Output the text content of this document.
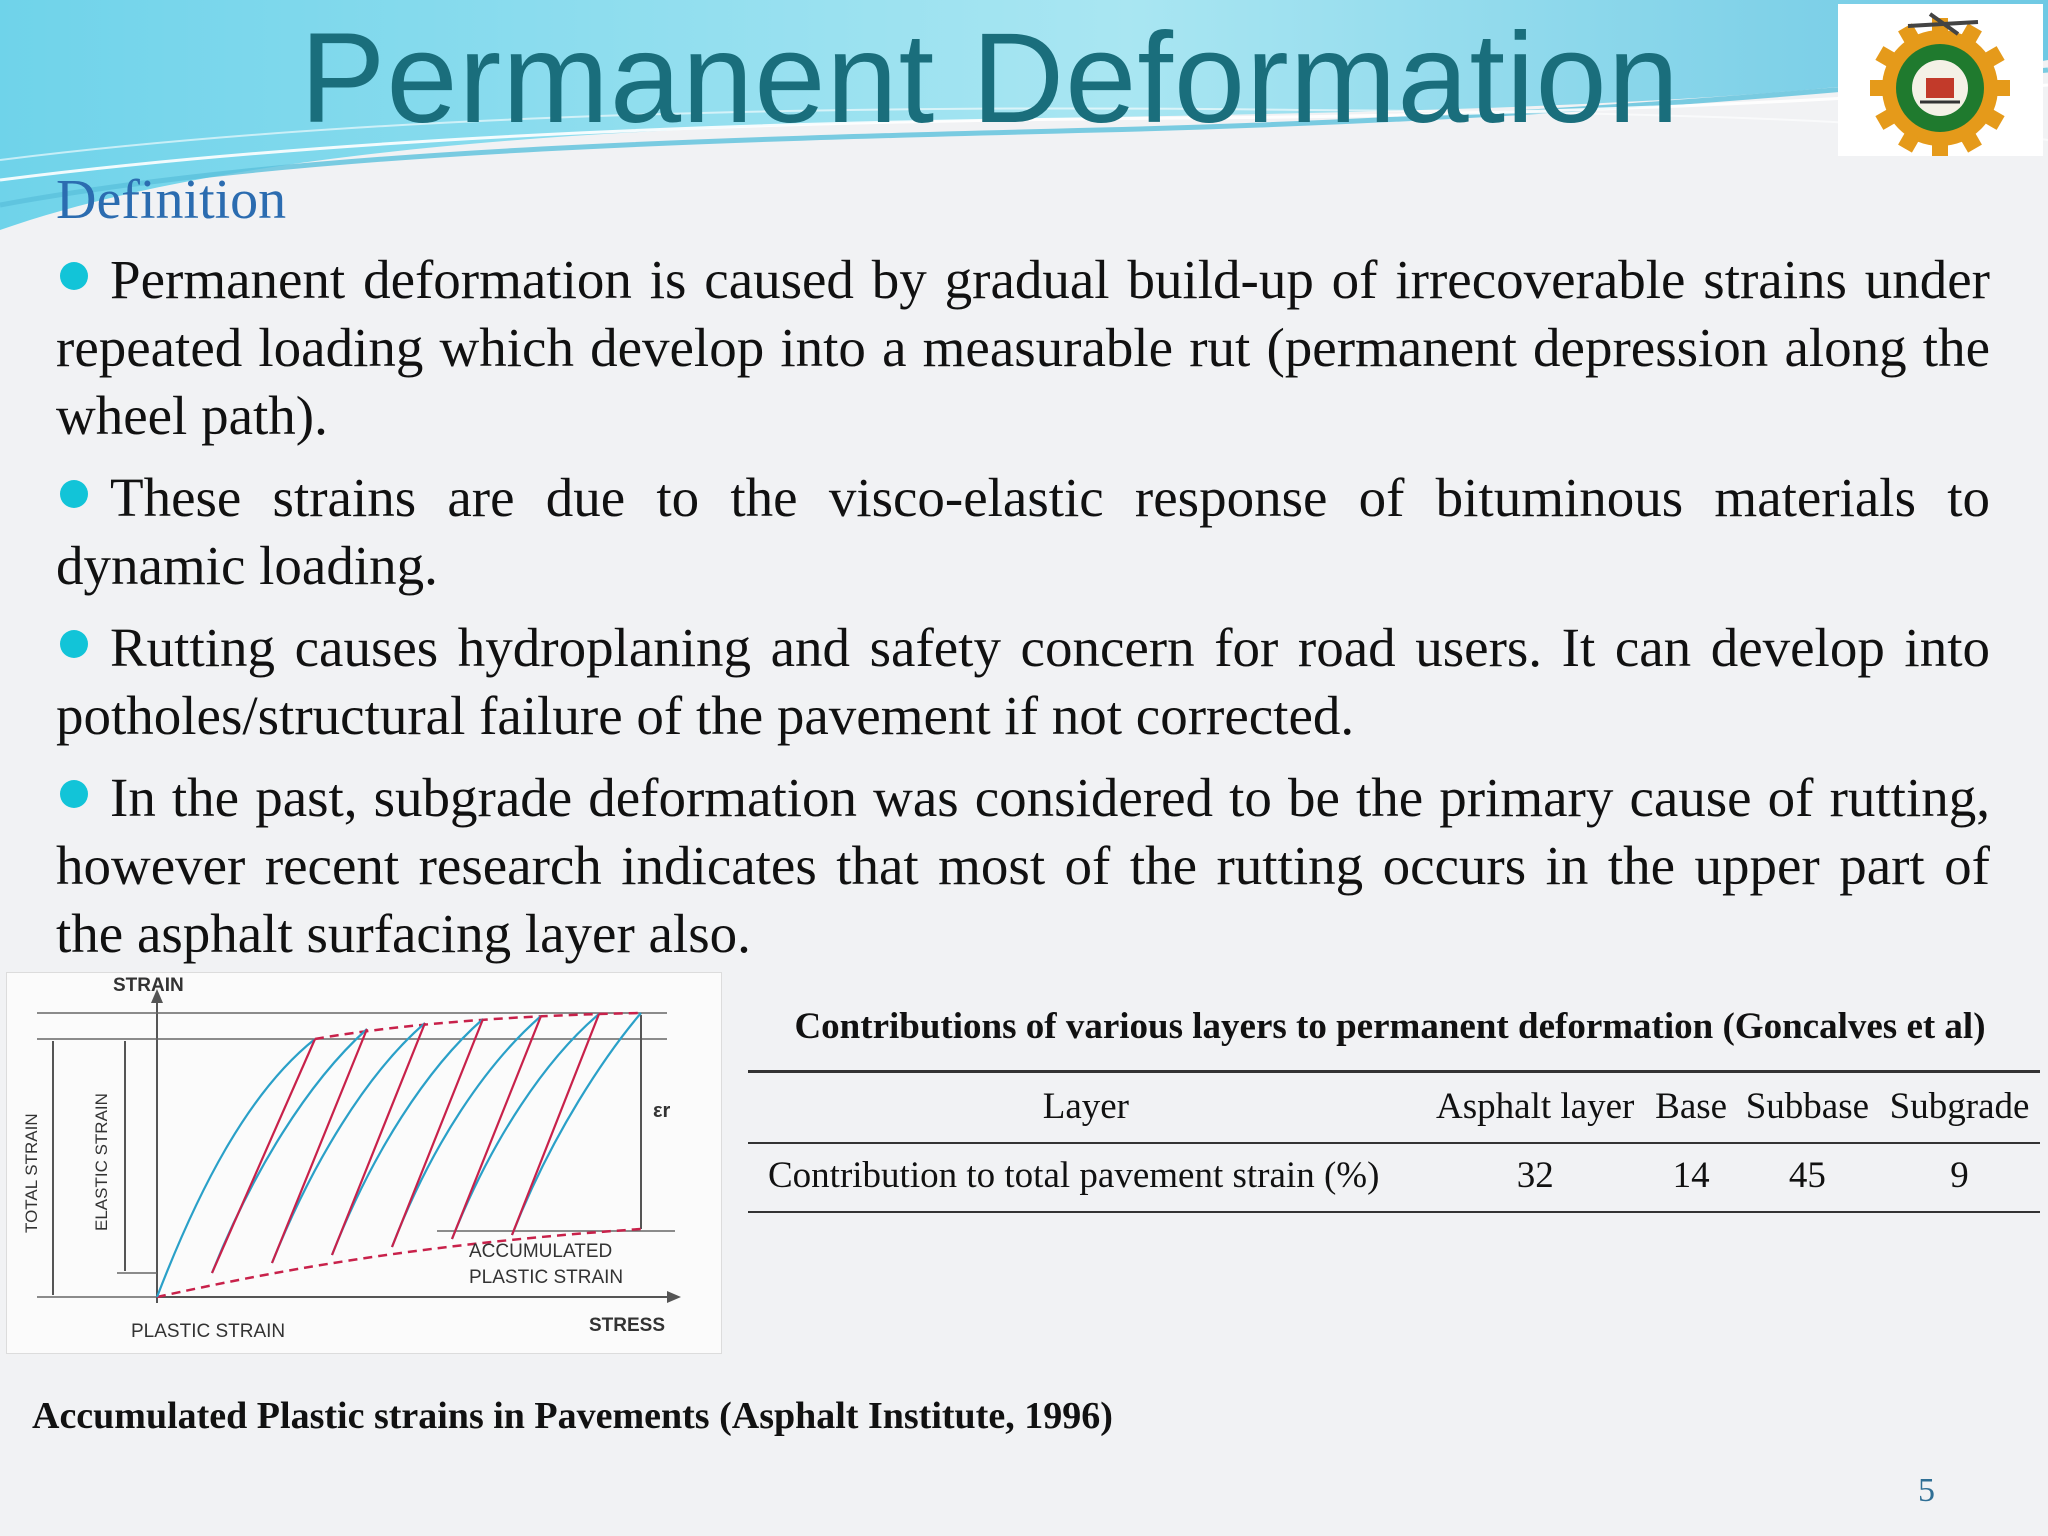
Permanent Deformation
Definition
Permanent deformation is caused by gradual build-up of irrecoverable strains under repeated loading which develop into a measurable rut (permanent depression along the wheel path).
These strains are due to the visco-elastic response of bituminous materials to dynamic loading.
Rutting causes hydroplaning and safety concern for road users. It can develop into potholes/structural failure of the pavement if not corrected.
In the past, subgrade deformation was considered to be the primary cause of rutting, however recent research indicates that most of the rutting occurs in the upper part of the asphalt surfacing layer also.
STRAIN
STRESS
TOTAL STRAIN	ELASTIC STRAIN
PLASTIC STRAIN
ACCUMULATED
PLASTIC STRAIN
εr

Accumulated Plastic strains in Pavements (Asphalt Institute, 1996)

Contributions of various layers to permanent deformation (Goncalves et al)
Layer	Asphalt layer	Base	Subbase	Subgrade
Contribution to total pavement strain (%)	32	14	45	9
5
